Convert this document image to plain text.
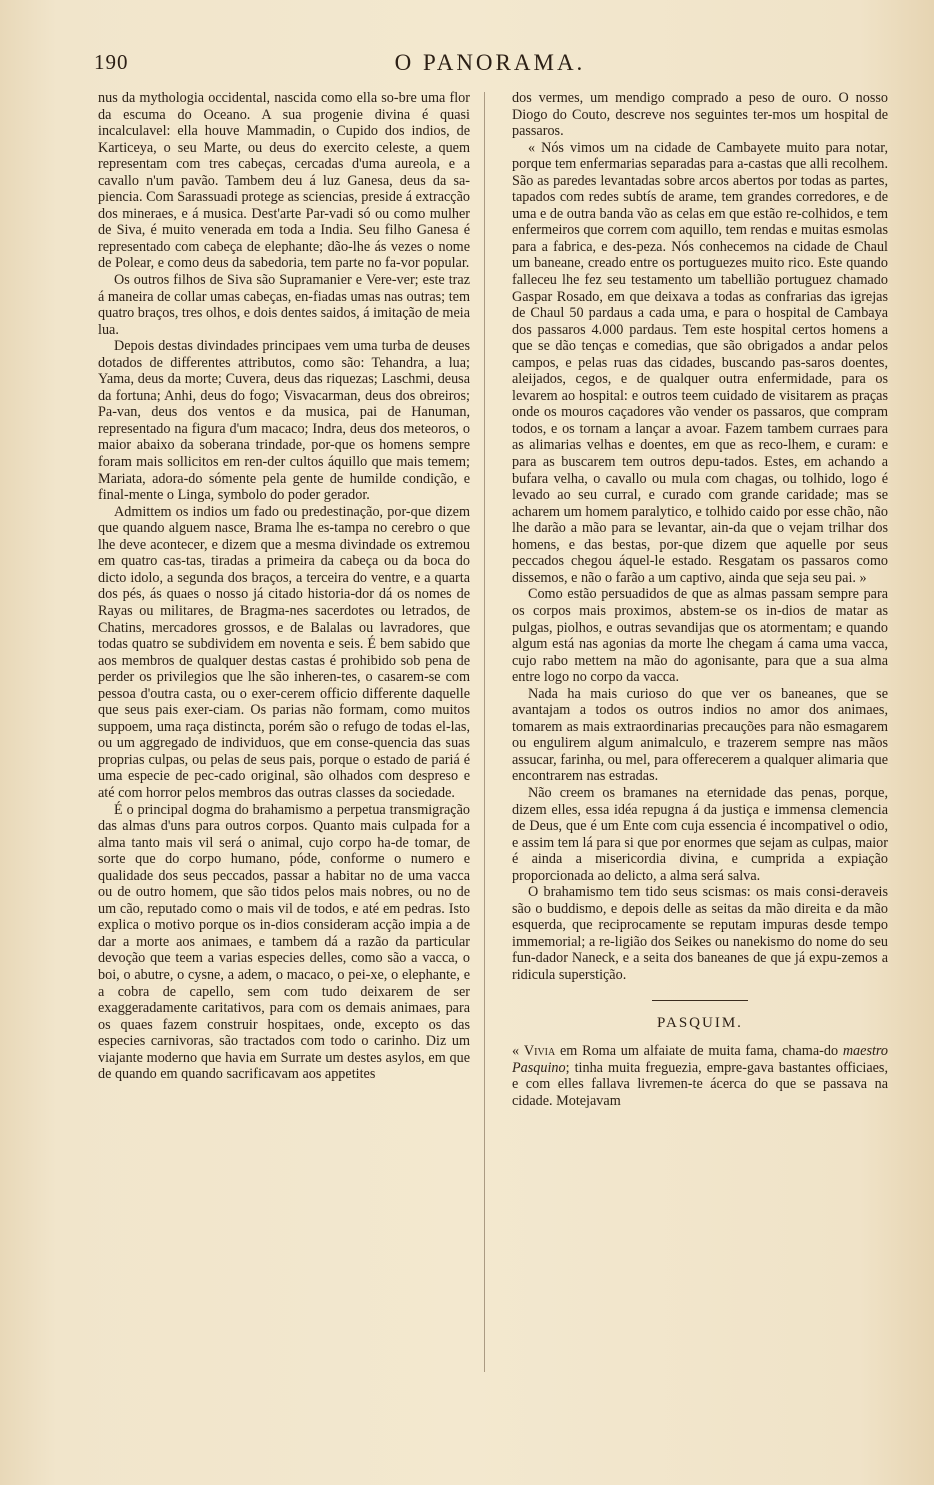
190	O PANORAMA.

nus da mythologia occidental, nascida como ella so-bre uma flor da escuma do Oceano. A sua progenie divina é quasi incalculavel: ella houve Mammadin, o Cupido dos indios, de Karticeya, o seu Marte, ou deus do exercito celeste, a quem representam com tres cabeças, cercadas d'uma aureola, e a cavallo n'um pavão. Tambem deu á luz Ganesa, deus da sa-piencia. Com Sarassuadi protege as sciencias, preside á extracção dos mineraes, e á musica. Dest'arte Par-vadi só ou como mulher de Siva, é muito venerada em toda a India. Seu filho Ganesa é representado com cabeça de elephante; dão-lhe ás vezes o nome de Polear, e como deus da sabedoria, tem parte no fa-vor popular.

Os outros filhos de Siva são Supramanier e Vere-ver; este traz á maneira de collar umas cabeças, en-fiadas umas nas outras; tem quatro braços, tres olhos, e dois dentes saidos, á imitação de meia lua.

Depois destas divindades principaes vem uma turba de deuses dotados de differentes attributos, como são: Tehandra, a lua; Yama, deus da morte; Cuvera, deus das riquezas; Laschmi, deusa da fortuna; Anhi, deus do fogo; Visvacarman, deus dos obreiros; Pa-van, deus dos ventos e da musica, pai de Hanuman, representado na figura d'um macaco; Indra, deus dos meteoros, o maior abaixo da soberana trindade, por-que os homens sempre foram mais sollicitos em ren-der cultos áquillo que mais temem; Mariata, adora-do sómente pela gente de humilde condição, e final-mente o Linga, symbolo do poder gerador.

Admittem os indios um fado ou predestinação, por-que dizem que quando alguem nasce, Brama lhe es-tampa no cerebro o que lhe deve acontecer, e dizem que a mesma divindade os extremou em quatro cas-tas, tiradas a primeira da cabeça ou da boca do dicto idolo, a segunda dos braços, a terceira do ventre, e a quarta dos pés, ás quaes o nosso já citado historia-dor dá os nomes de Rayas ou militares, de Bragma-nes sacerdotes ou letrados, de Chatins, mercadores grossos, e de Balalas ou lavradores, que todas quatro se subdividem em noventa e seis. É bem sabido que aos membros de qualquer destas castas é prohibido sob pena de perder os privilegios que lhe são inheren-tes, o casarem-se com pessoa d'outra casta, ou o exer-cerem officio differente daquelle que seus pais exer-ciam. Os parias não formam, como muitos suppoem, uma raça distincta, porém são o refugo de todas el-las, ou um aggregado de individuos, que em conse-quencia das suas proprias culpas, ou pelas de seus pais, porque o estado de pariá é uma especie de pec-cado original, são olhados com despreso e até com horror pelos membros das outras classes da sociedade.

É o principal dogma do brahamismo a perpetua transmigração das almas d'uns para outros corpos. Quanto mais culpada for a alma tanto mais vil será o animal, cujo corpo ha-de tomar, de sorte que do corpo humano, póde, conforme o numero e qualidade dos seus peccados, passar a habitar no de uma vacca ou de outro homem, que são tidos pelos mais nobres, ou no de um cão, reputado como o mais vil de todos, e até em pedras. Isto explica o motivo porque os in-dios consideram acção impia a de dar a morte aos animaes, e tambem dá a razão da particular devoção que teem a varias especies delles, como são a vacca, o boi, o abutre, o cysne, a adem, o macaco, o pei-xe, o elephante, e a cobra de capello, sem com tudo deixarem de ser exaggeradamente caritativos, para com os demais animaes, para os quaes fazem construir hospitaes, onde, excepto os das especies carnivoras, são tractados com todo o carinho. Diz um viajante moderno que havia em Surrate um destes asylos, em que de quando em quando sacrificavam aos appetites

dos vermes, um mendigo comprado a peso de ouro. O nosso Diogo do Couto, descreve nos seguintes ter-mos um hospital de passaros.

« Nós vimos um na cidade de Cambayete muito para notar, porque tem enfermarias separadas para a-castas que alli recolhem. São as paredes levantadas sobre arcos abertos por todas as partes, tapados com redes subtís de arame, tem grandes corredores, e de uma e de outra banda vão as celas em que estão re-colhidos, e tem enfermeiros que correm com aquillo, tem rendas e muitas esmolas para a fabrica, e des-peza. Nós conhecemos na cidade de Chaul um baneane, creado entre os portuguezes muito rico. Este quando falleceu lhe fez seu testamento um tabellião portuguez chamado Gaspar Rosado, em que deixava a todas as confrarias das igrejas de Chaul 50 pardaus a cada uma, e para o hospital de Cambaya dos passaros 4.000 pardaus. Tem este hospital certos homens a que se dão tenças e comedias, que são obrigados a andar pelos campos, e pelas ruas das cidades, buscando pas-saros doentes, aleijados, cegos, e de qualquer outra enfermidade, para os levarem ao hospital: e outros teem cuidado de visitarem as praças onde os mouros caçadores vão vender os passaros, que compram todos, e os tornam a lançar a avoar. Fazem tambem curraes para as alimarias velhas e doentes, em que as reco-lhem, e curam: e para as buscarem tem outros depu-tados. Estes, em achando a bufara velha, o cavallo ou mula com chagas, ou tolhido, logo é levado ao seu curral, e curado com grande caridade; mas se acharem um homem paralytico, e tolhido caido por esse chão, não lhe darão a mão para se levantar, ain-da que o vejam trilhar dos homens, e das bestas, por-que dizem que aquelle por seus peccados chegou áquel-le estado. Resgatam os passaros como dissemos, e não o farão a um captivo, ainda que seja seu pai. »

Como estão persuadidos de que as almas passam sempre para os corpos mais proximos, abstem-se os in-dios de matar as pulgas, piolhos, e outras sevandijas que os atormentam; e quando algum está nas agonias da morte lhe chegam á cama uma vacca, cujo rabo mettem na mão do agonisante, para que a sua alma entre logo no corpo da vacca.

Nada ha mais curioso do que ver os baneanes, que se avantajam a todos os outros indios no amor dos animaes, tomarem as mais extraordinarias precauções para não esmagarem ou engulirem algum animalculo, e trazerem sempre nas mãos assucar, farinha, ou mel, para offerecerem a qualquer alimaria que encontrarem nas estradas.

Não creem os bramanes na eternidade das penas, porque, dizem elles, essa idéa repugna á da justiça e immensa clemencia de Deus, que é um Ente com cuja essencia é incompativel o odio, e assim tem lá para si que por enormes que sejam as culpas, maior é ainda a misericordia divina, e cumprida a expiação proporcionada ao delicto, a alma será salva.

O brahamismo tem tido seus scismas: os mais consi-deraveis são o buddismo, e depois delle as seitas da mão direita e da mão esquerda, que reciprocamente se reputam impuras desde tempo immemorial; a re-ligião dos Seikes ou nanekismo do nome do seu fun-dador Naneck, e a seita dos baneanes de que já expu-zemos a ridicula superstição.

PASQUIM.

« Vivia em Roma um alfaiate de muita fama, chama-do maestro Pasquino; tinha muita freguezia, empre-gava bastantes officiaes, e com elles fallava livremen-te ácerca do que se passava na cidade. Motejavam
